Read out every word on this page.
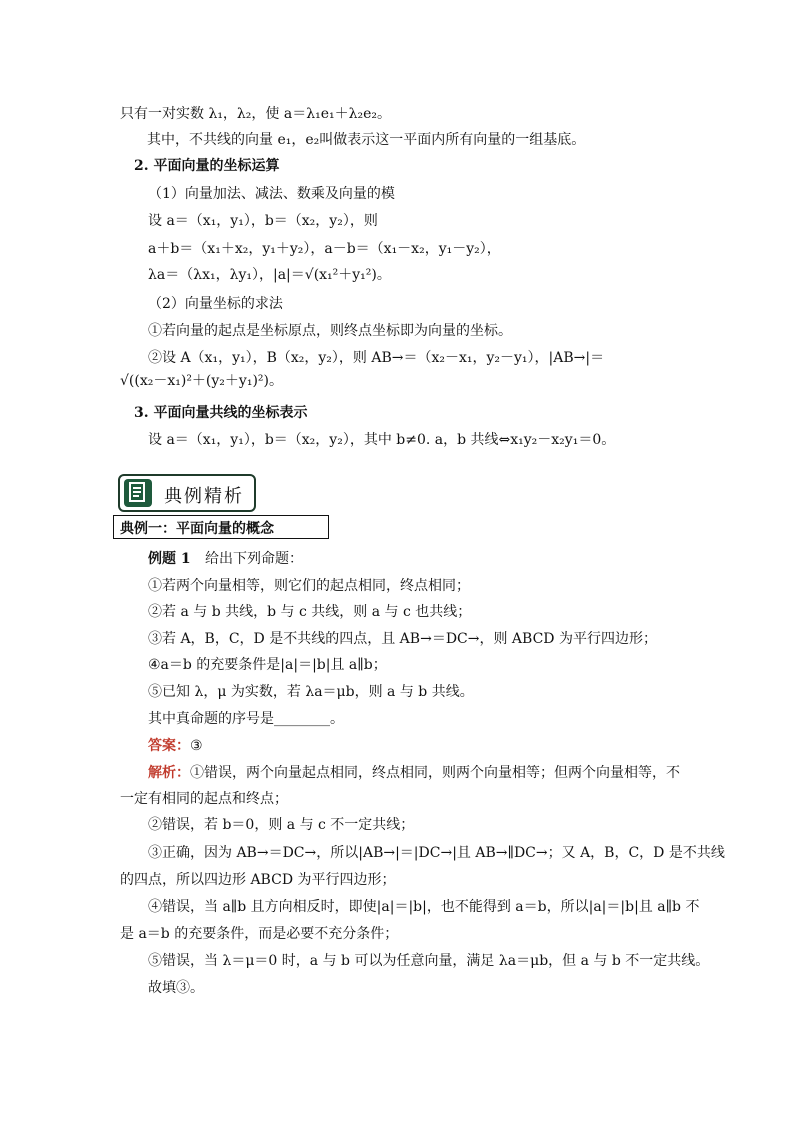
只有一对实数 λ₁，λ₂，使 a＝λ₁e₁＋λ₂e₂。
其中，不共线的向量 e₁，e₂叫做表示这一平面内所有向量的一组基底。
2. 平面向量的坐标运算
（1）向量加法、减法、数乘及向量的模
设 a＝（x₁，y₁），b＝（x₂，y₂），则
a＋b＝（x₁＋x₂，y₁＋y₂），a－b＝（x₁－x₂，y₁－y₂），
λa＝（λx₁，λy₁），|a|＝√(x₁²＋y₁²)。
（2）向量坐标的求法
①若向量的起点是坐标原点，则终点坐标即为向量的坐标。
②设 A（x₁，y₁），B（x₂，y₂），则 AB→＝（x₂－x₁，y₂－y₁），|AB→|＝
√((x₂－x₁)²＋(y₂＋y₁)²)。
3. 平面向量共线的坐标表示
设 a＝（x₁，y₁），b＝（x₂，y₂），其中 b≠0. a，b 共线⇔x₁y₂－x₂y₁＝0。
典例精析
典例一：平面向量的概念
例题 1 给出下列命题：
①若两个向量相等，则它们的起点相同，终点相同；
②若 a 与 b 共线，b 与 c 共线，则 a 与 c 也共线；
③若 A，B，C，D 是不共线的四点，且 AB→＝DC→，则 ABCD 为平行四边形；
④a＝b 的充要条件是|a|＝|b|且 a∥b；
⑤已知 λ，μ 为实数，若 λa＝μb，则 a 与 b 共线。
其中真命题的序号是________。
答案： ③
解析： ①错误，两个向量起点相同，终点相同，则两个向量相等；但两个向量相等，不
一定有相同的起点和终点；
②错误，若 b＝0，则 a 与 c 不一定共线；
③正确，因为 AB→＝DC→，所以|AB→|＝|DC→|且 AB→∥DC→；又 A，B，C，D 是不共线
的四点，所以四边形 ABCD 为平行四边形；
④错误，当 a∥b 且方向相反时，即使|a|＝|b|，也不能得到 a＝b，所以|a|＝|b|且 a∥b 不
是 a＝b 的充要条件，而是必要不充分条件；
⑤错误，当 λ＝μ＝0 时，a 与 b 可以为任意向量，满足 λa＝μb，但 a 与 b 不一定共线。
故填③。
